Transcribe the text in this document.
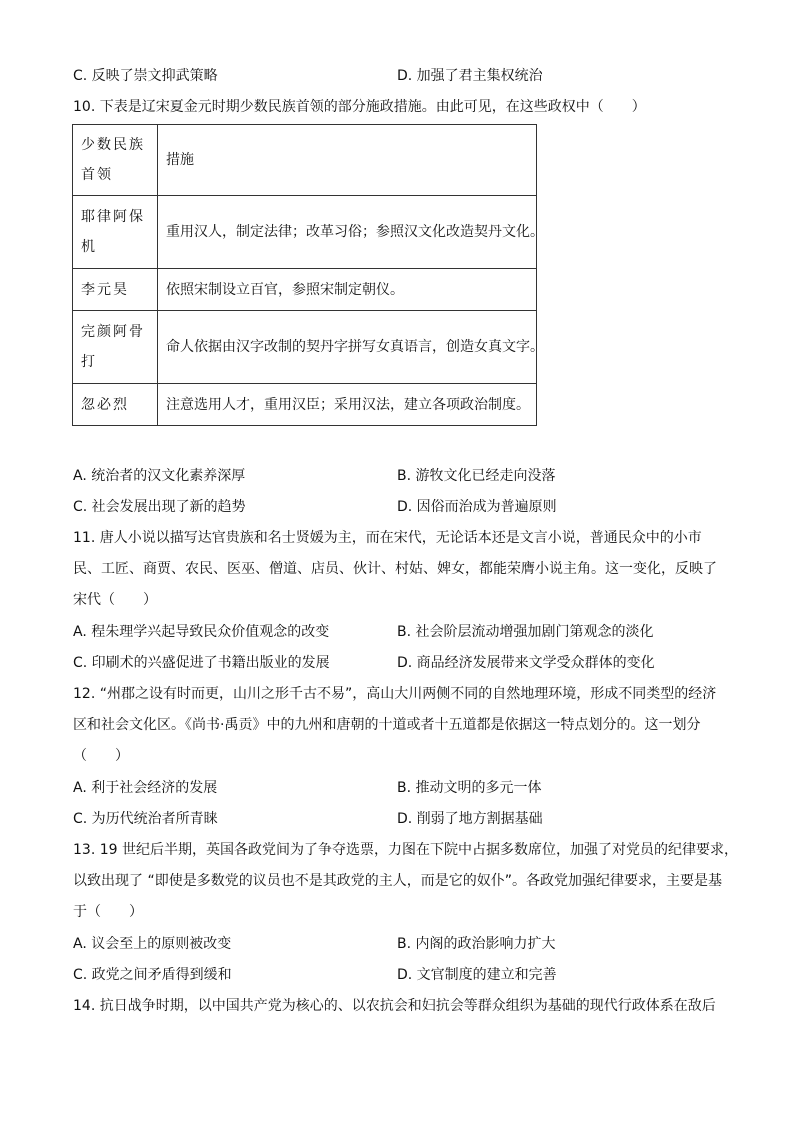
C. 反映了崇文抑武策略	D. 加强了君主集权统治
10. 下表是辽宋夏金元时期少数民族首领的部分施政措施。由此可见，在这些政权中（　　）
少数民族首领	措施
耶律阿保机	重用汉人，制定法律；改革习俗；参照汉文化改造契丹文化。
李元昊	依照宋制设立百官，参照宋制定朝仪。
完颜阿骨打	命人依据由汉字改制的契丹字拼写女真语言，创造女真文字。
忽必烈	注意选用人才，重用汉臣；采用汉法，建立各项政治制度。
A. 统治者的汉文化素养深厚	B. 游牧文化已经走向没落
C. 社会发展出现了新的趋势	D. 因俗而治成为普遍原则
11. 唐人小说以描写达官贵族和名士贤媛为主，而在宋代，无论话本还是文言小说，普通民众中的小市
民、工匠、商贾、农民、医巫、僧道、店员、伙计、村姑、婢女，都能荣膺小说主角。这一变化，反映了
宋代（　　）
A. 程朱理学兴起导致民众价值观念的改变	B. 社会阶层流动增强加剧门第观念的淡化
C. 印刷术的兴盛促进了书籍出版业的发展	D. 商品经济发展带来文学受众群体的变化
12. “州郡之设有时而更，山川之形千古不易”，高山大川两侧不同的自然地理环境，形成不同类型的经济
区和社会文化区。《尚书·禹贡》中的九州和唐朝的十道或者十五道都是依据这一特点划分的。这一划分
（　　）
A. 利于社会经济的发展	B. 推动文明的多元一体
C. 为历代统治者所青睐	D. 削弱了地方割据基础
13. 19 世纪后半期，英国各政党间为了争夺选票，力图在下院中占据多数席位，加强了对党员的纪律要求，
以致出现了 “即使是多数党的议员也不是其政党的主人，而是它的奴仆”。各政党加强纪律要求，主要是基
于（　　）
A. 议会至上的原则被改变	B. 内阁的政治影响力扩大
C. 政党之间矛盾得到缓和	D. 文官制度的建立和完善
14. 抗日战争时期，以中国共产党为核心的、以农抗会和妇抗会等群众组织为基础的现代行政体系在敌后
